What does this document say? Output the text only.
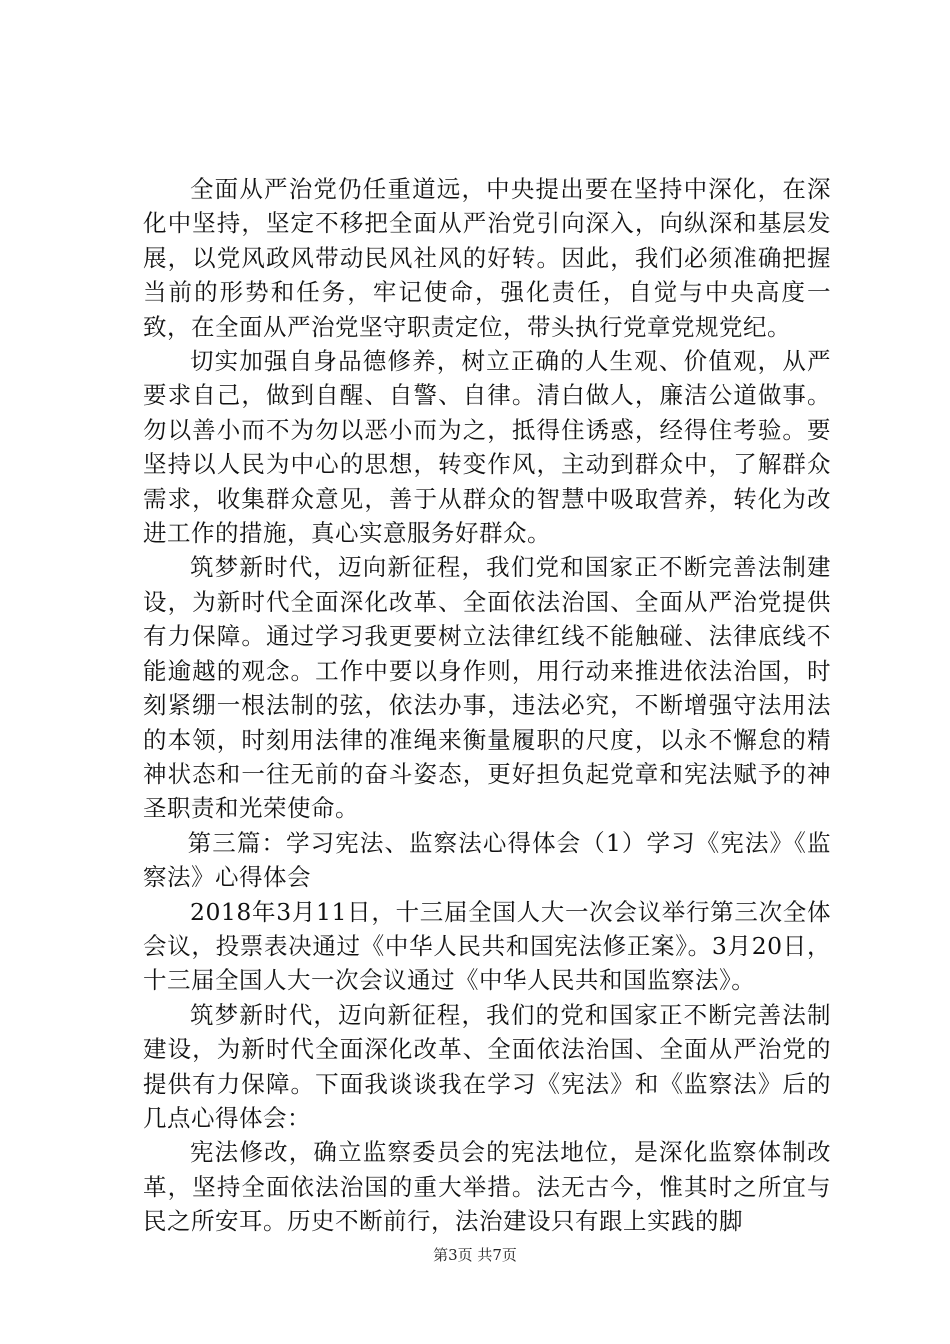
全面从严治党仍任重道远，中央提出要在坚持中深化，在深化中坚持，坚定不移把全面从严治党引向深入，向纵深和基层发展，以党风政风带动民风社风的好转。因此，我们必须准确把握当前的形势和任务，牢记使命，强化责任，自觉与中央高度一致，在全面从严治党坚守职责定位，带头执行党章党规党纪。

切实加强自身品德修养，树立正确的人生观、价值观，从严要求自己，做到自醒、自警、自律。清白做人，廉洁公道做事。勿以善小而不为勿以恶小而为之，抵得住诱惑，经得住考验。要坚持以人民为中心的思想，转变作风，主动到群众中，了解群众需求，收集群众意见，善于从群众的智慧中吸取营养，转化为改进工作的措施，真心实意服务好群众。

筑梦新时代，迈向新征程，我们党和国家正不断完善法制建设，为新时代全面深化改革、全面依法治国、全面从严治党提供有力保障。通过学习我更要树立法律红线不能触碰、法律底线不能逾越的观念。工作中要以身作则，用行动来推进依法治国，时刻紧绷一根法制的弦，依法办事，违法必究，不断增强守法用法的本领，时刻用法律的准绳来衡量履职的尺度，以永不懈怠的精神状态和一往无前的奋斗姿态，更好担负起党章和宪法赋予的神圣职责和光荣使命。

第三篇：学习宪法、监察法心得体会（1）学习《宪法》《监察法》心得体会

2018年3月11日，十三届全国人大一次会议举行第三次全体会议，投票表决通过《中华人民共和国宪法修正案》。3月20日，十三届全国人大一次会议通过《中华人民共和国监察法》。

筑梦新时代，迈向新征程，我们的党和国家正不断完善法制建设，为新时代全面深化改革、全面依法治国、全面从严治党的提供有力保障。下面我谈谈我在学习《宪法》和《监察法》后的几点心得体会：

宪法修改，确立监察委员会的宪法地位，是深化监察体制改革，坚持全面依法治国的重大举措。法无古今，惟其时之所宜与民之所安耳。历史不断前行，法治建设只有跟上实践的脚

第3页 共7页
